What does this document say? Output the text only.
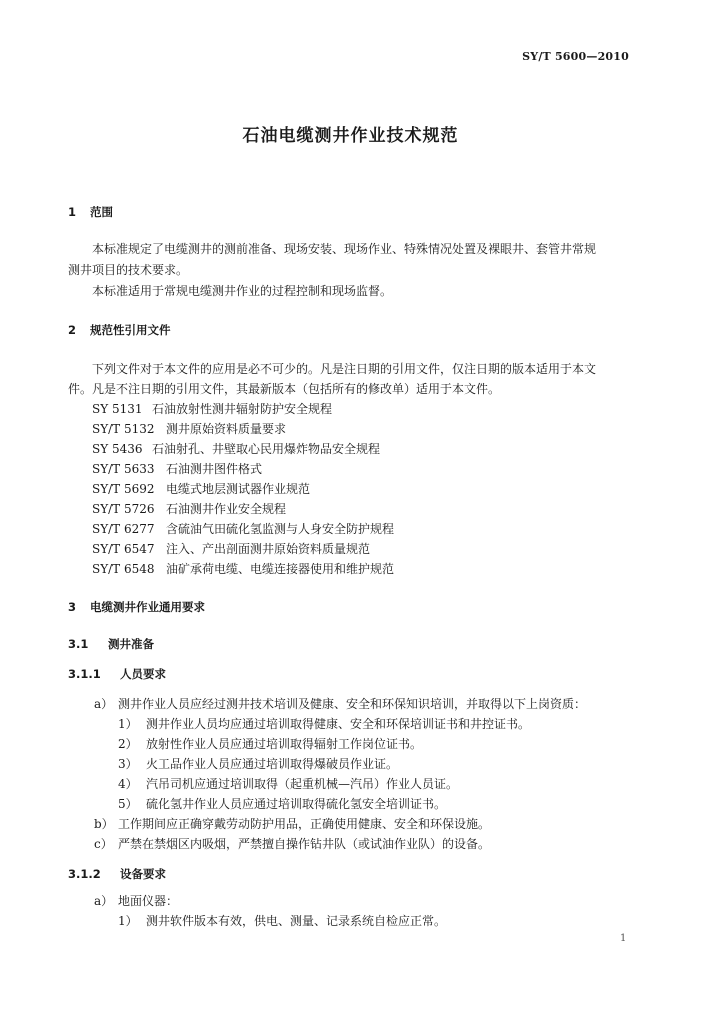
SY/T 5600—2010
石油电缆测井作业技术规范
1 范围
本标准规定了电缆测井的测前准备、现场安装、现场作业、特殊情况处置及裸眼井、套管井常规
测井项目的技术要求。
本标准适用于常规电缆测井作业的过程控制和现场监督。
2 规范性引用文件
下列文件对于本文件的应用是必不可少的。凡是注日期的引用文件，仅注日期的版本适用于本文
件。凡是不注日期的引用文件，其最新版本（包括所有的修改单）适用于本文件。
SY 5131 石油放射性测井辐射防护安全规程
SY/T 5132 测井原始资料质量要求
SY 5436 石油射孔、井壁取心民用爆炸物品安全规程
SY/T 5633 石油测井图件格式
SY/T 5692 电缆式地层测试器作业规范
SY/T 5726 石油测井作业安全规程
SY/T 6277 含硫油气田硫化氢监测与人身安全防护规程
SY/T 6547 注入、产出剖面测井原始资料质量规范
SY/T 6548 油矿承荷电缆、电缆连接器使用和维护规范
3 电缆测井作业通用要求
3.1 测井准备
3.1.1 人员要求
a） 测井作业人员应经过测井技术培训及健康、安全和环保知识培训，并取得以下上岗资质：
1） 测井作业人员均应通过培训取得健康、安全和环保培训证书和井控证书。
2） 放射性作业人员应通过培训取得辐射工作岗位证书。
3） 火工品作业人员应通过培训取得爆破员作业证。
4） 汽吊司机应通过培训取得（起重机械—汽吊）作业人员证。
5） 硫化氢井作业人员应通过培训取得硫化氢安全培训证书。
b） 工作期间应正确穿戴劳动防护用品，正确使用健康、安全和环保设施。
c） 严禁在禁烟区内吸烟，严禁擅自操作钻井队（或试油作业队）的设备。
3.1.2 设备要求
a） 地面仪器：
1） 测井软件版本有效，供电、测量、记录系统自检应正常。
1
